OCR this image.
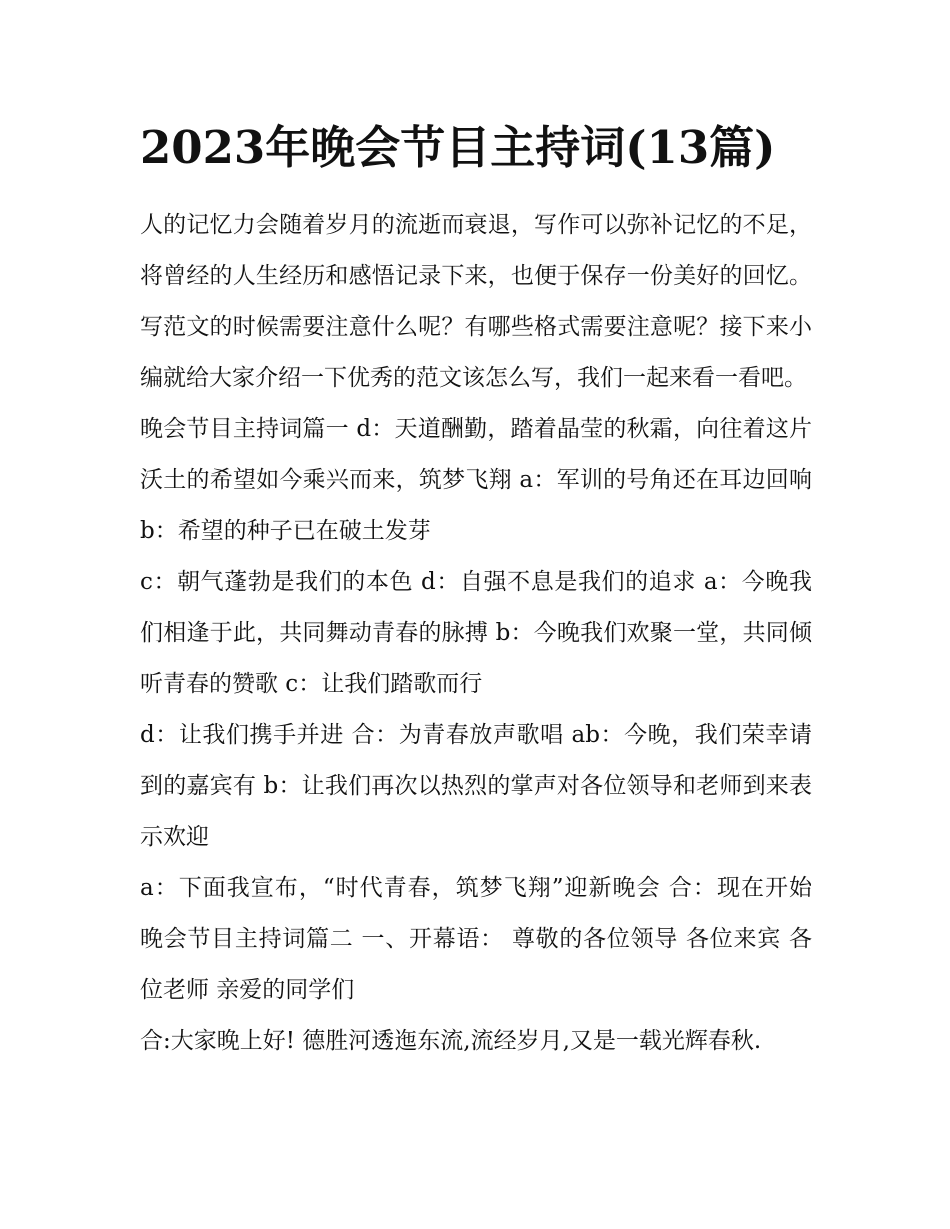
2023年晚会节目主持词(13篇)

人的记忆力会随着岁月的流逝而衰退，写作可以弥补记忆的不足，将曾经的人生经历和感悟记录下来，也便于保存一份美好的回忆。写范文的时候需要注意什么呢？有哪些格式需要注意呢？接下来小编就给大家介绍一下优秀的范文该怎么写，我们一起来看一看吧。

晚会节目主持词篇一 d：天道酬勤，踏着晶莹的秋霜，向往着这片沃土的希望如今乘兴而来，筑梦飞翔 a：军训的号角还在耳边回响 b：希望的种子已在破土发芽

c：朝气蓬勃是我们的本色 d：自强不息是我们的追求 a：今晚我们相逢于此，共同舞动青春的脉搏 b：今晚我们欢聚一堂，共同倾听青春的赞歌 c：让我们踏歌而行

d：让我们携手并进 合：为青春放声歌唱 ab：今晚，我们荣幸请到的嘉宾有 b：让我们再次以热烈的掌声对各位领导和老师到来表示欢迎

a：下面我宣布，“时代青春，筑梦飞翔”迎新晚会 合：现在开始 晚会节目主持词篇二 一、开幕语： 尊敬的各位领导 各位来宾 各位老师 亲爱的同学们

合:大家晚上好! 德胜河透迤东流,流经岁月,又是一载光辉春秋.
